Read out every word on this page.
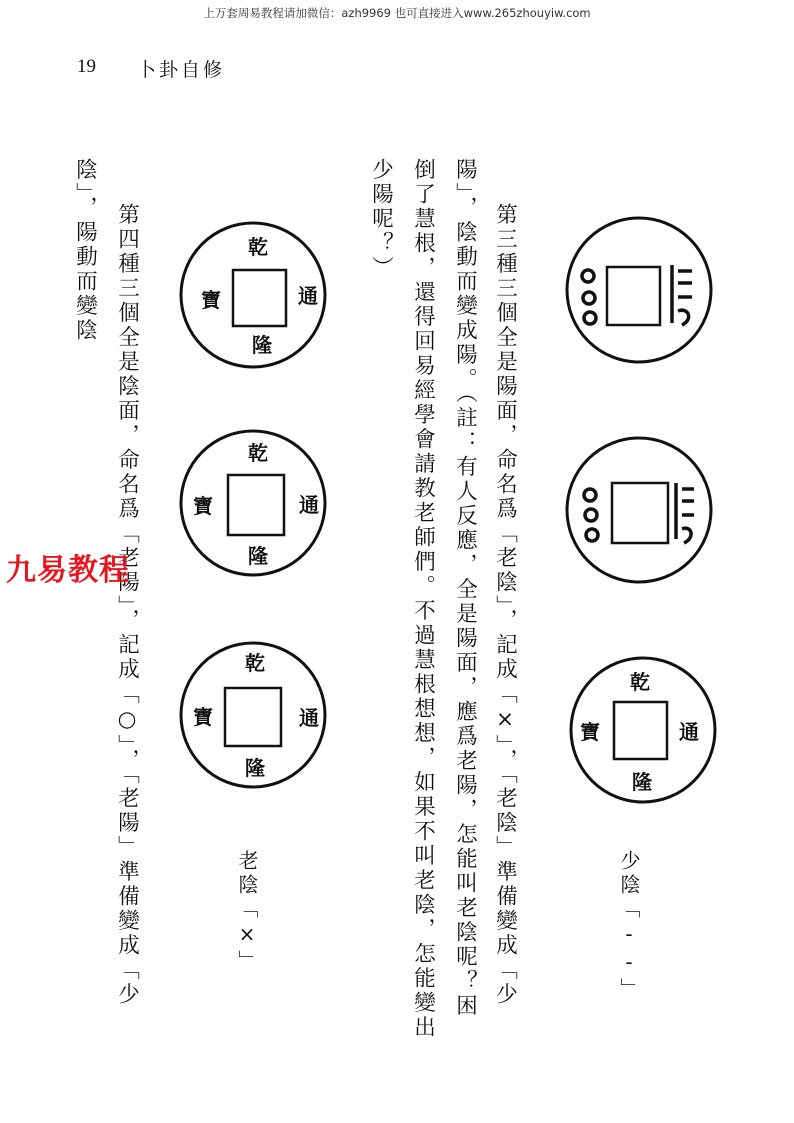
上万套周易教程请加微信：azh9969 也可直接进入www.265zhouyiw.com
19 卜卦自修
乾
通
隆
寶
少陰「--」
乾
通
隆
寶
乾
通
隆
寶
乾
通
隆
寶
老陰「×」	第三種三個全是陽面，命名爲「老陰」，記成「×」，「老陰」準備變成「少
陽」，陰動而變成陽。（註：有人反應，全是陽面，應爲老陽，怎能叫老陰呢？困
倒了慧根，還得回易經學會請教老師們。不過慧根想想，如果不叫老陰，怎能變出
少陽呢？）
第四種三個全是陰面，命名爲「老陽」，記成「○」，「老陽」準備變成「少
陰」，陽動而變陰
九易教程
